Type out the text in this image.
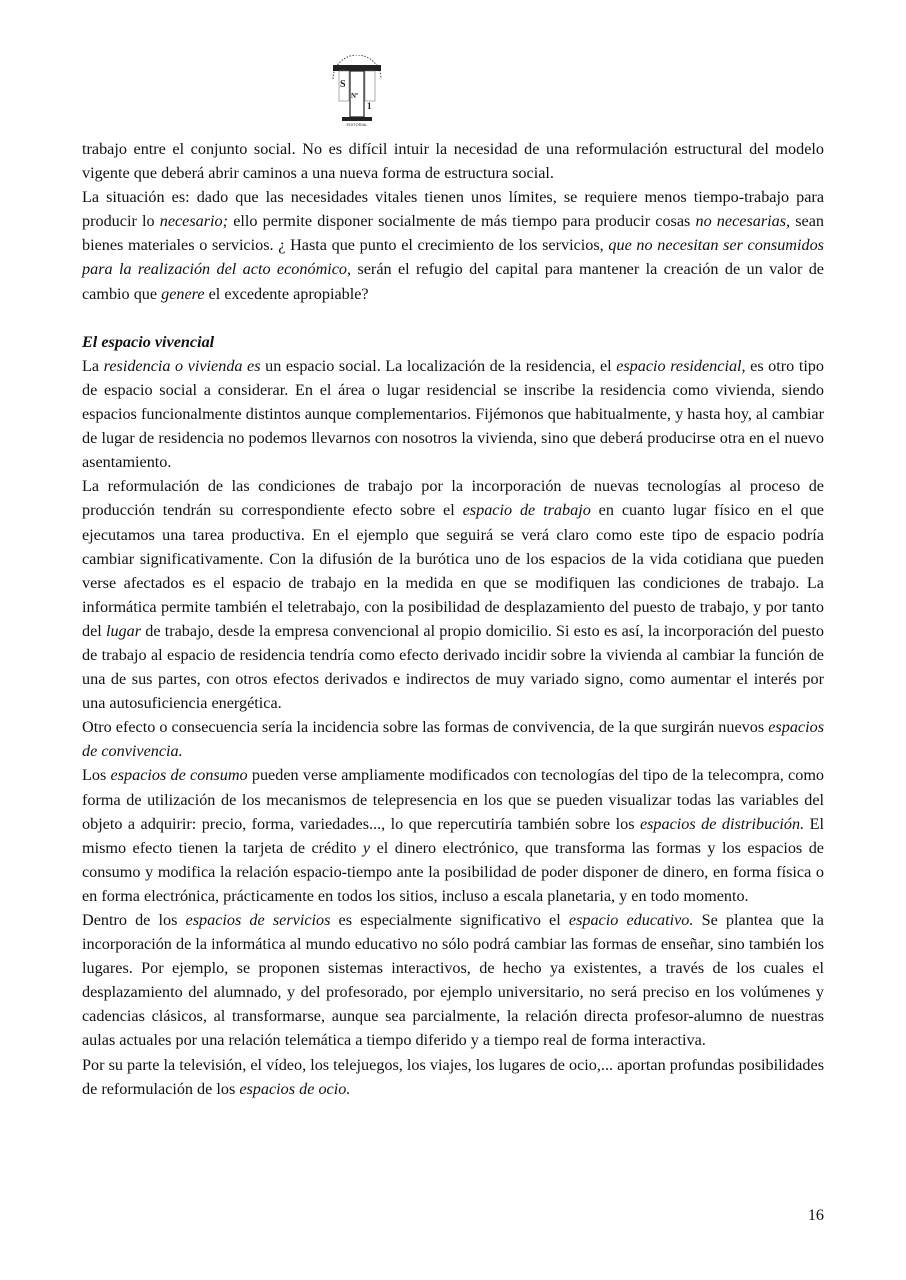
S
Nº
1
EDITORIAL

trabajo entre el conjunto social. No es difícil intuir la necesidad de una reformulación estructural del modelo vigente que deberá abrir caminos a una nueva forma de estructura social.

La situación es: dado que las necesidades vitales tienen unos límites, se requiere menos tiempo-trabajo para producir lo necesario; ello permite disponer socialmente de más tiempo para producir cosas no necesarias, sean bienes materiales o servicios. ¿ Hasta que punto el crecimiento de los servicios, que no necesitan ser consumidos para la realización del acto económico, serán el refugio del capital para mantener la creación de un valor de cambio que genere el excedente apropiable?

El espacio vivencial

La residencia o vivienda es un espacio social. La localización de la residencia, el espacio residencial, es otro tipo de espacio social a considerar. En el área o lugar residencial se inscribe la residencia como vivienda, siendo espacios funcionalmente distintos aunque complementarios. Fijémonos que habitualmente, y hasta hoy, al cambiar de lugar de residencia no podemos llevarnos con nosotros la vivienda, sino que deberá producirse otra en el nuevo asentamiento.

La reformulación de las condiciones de trabajo por la incorporación de nuevas tecnologías al proceso de producción tendrán su correspondiente efecto sobre el espacio de trabajo en cuanto lugar físico en el que ejecutamos una tarea productiva. En el ejemplo que seguirá se verá claro como este tipo de espacio podría cambiar significativamente. Con la difusión de la burótica uno de los espacios de la vida cotidiana que pueden verse afectados es el espacio de trabajo en la medida en que se modifiquen las condiciones de trabajo. La informática permite también el teletrabajo, con la posibilidad de desplazamiento del puesto de trabajo, y por tanto del lugar de trabajo, desde la empresa convencional al propio domicilio. Si esto es así, la incorporación del puesto de trabajo al espacio de residencia tendría como efecto derivado incidir sobre la vivienda al cambiar la función de una de sus partes, con otros efectos derivados e indirectos de muy variado signo, como aumentar el interés por una autosuficiencia energética.

Otro efecto o consecuencia sería la incidencia sobre las formas de convivencia, de la que surgirán nuevos espacios de convivencia.

Los espacios de consumo pueden verse ampliamente modificados con tecnologías del tipo de la telecompra, como forma de utilización de los mecanismos de telepresencia en los que se pueden visualizar todas las variables del objeto a adquirir: precio, forma, variedades..., lo que repercutiría también sobre los espacios de distribución. El mismo efecto tienen la tarjeta de crédito y el dinero electrónico, que transforma las formas y los espacios de consumo y modifica la relación espacio-tiempo ante la posibilidad de poder disponer de dinero, en forma física o en forma electrónica, prácticamente en todos los sitios, incluso a escala planetaria, y en todo momento.

Dentro de los espacios de servicios es especialmente significativo el espacio educativo. Se plantea que la incorporación de la informática al mundo educativo no sólo podrá cambiar las formas de enseñar, sino también los lugares. Por ejemplo, se proponen sistemas interactivos, de hecho ya existentes, a través de los cuales el desplazamiento del alumnado, y del profesorado, por ejemplo universitario, no será preciso en los volúmenes y cadencias clásicos, al transformarse, aunque sea parcialmente, la relación directa profesor-alumno de nuestras aulas actuales por una relación telemática a tiempo diferido y a tiempo real de forma interactiva.

Por su parte la televisión, el vídeo, los telejuegos, los viajes, los lugares de ocio,... aportan profundas posibilidades de reformulación de los espacios de ocio.

16
